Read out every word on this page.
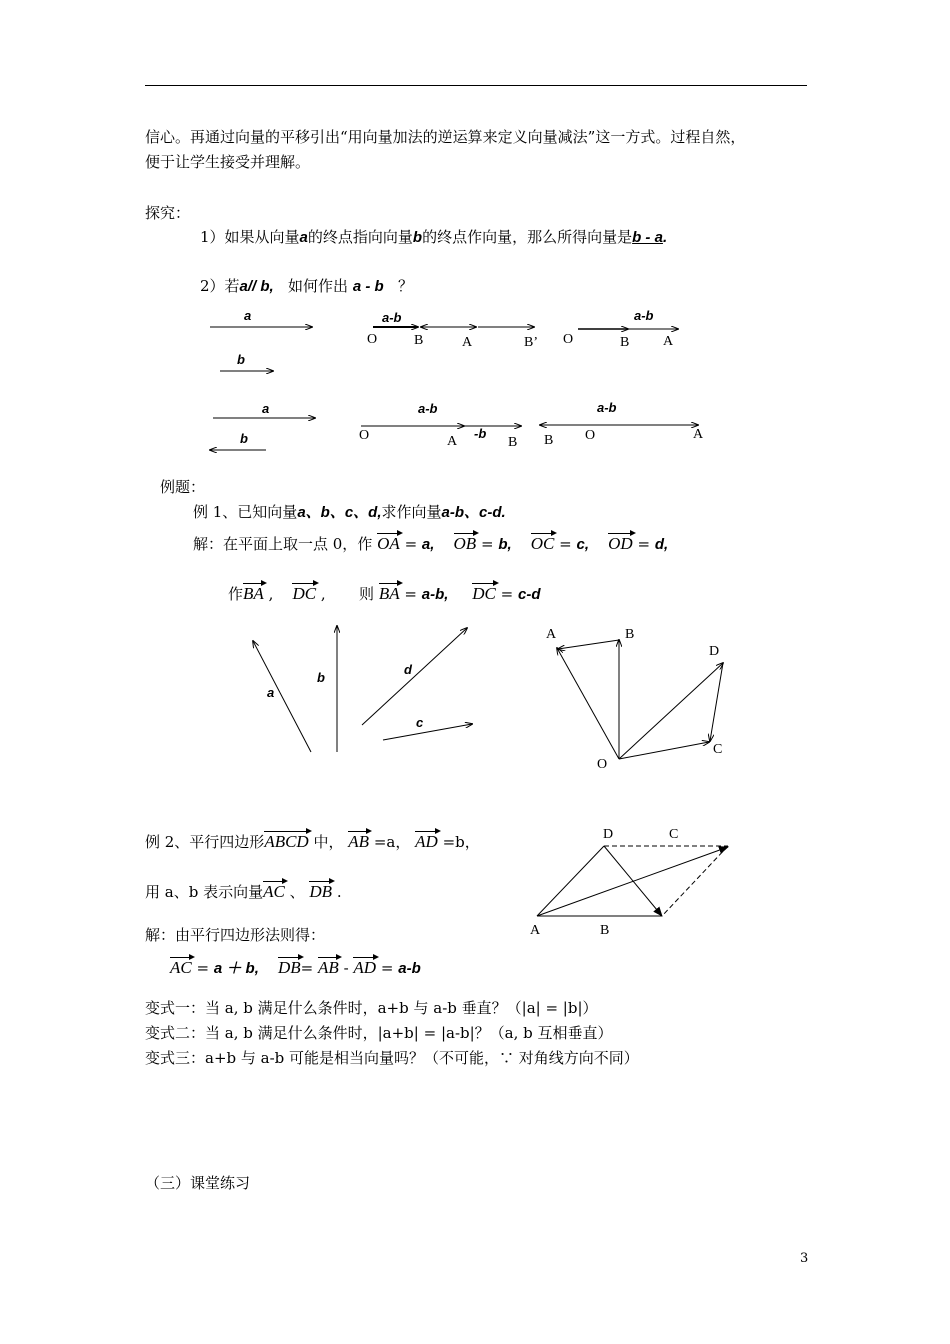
信心。再通过向量的平移引出“用向量加法的逆运算来定义向量减法”这一方式。过程自然，
便于让学生接受并理解。
探究：
1）如果从向量a的终点指向向量b的终点作向量，那么所得向量是b - a.
2）若a// b, 如何作出 a - b ？
a
b
a-b
O	B	A	B’
a-b
O	B A
a
b
a-b
O	A
-b
B
a-b
B O	A
a
b
d
c
A	B
D
C
O
A	B
C
D
例题：
例 1、已知向量a、b、c、d,求作向量a-b、c-d.
解：在平面上取一点 0，作 OA = a, OB = b, OC = c, OD = d,
作BA , DC , 则 BA = a-b, DC = c-d
例 2、平行四边形ABCD 中， AB =a， AD =b，
用 a、b 表示向量AC 、 DB .
解：由平行四边形法则得：
AC = a ＋ b, DB= AB - AD = a-b
变式一：当 a, b 满足什么条件时，a+b 与 a-b 垂直？（|a| = |b|）
变式二：当 a, b 满足什么条件时，|a+b| = |a-b|？（a, b 互相垂直）
变式三：a+b 与 a-b 可能是相当向量吗？（不可能，∵ 对角线方向不同）
（三）课堂练习
3
